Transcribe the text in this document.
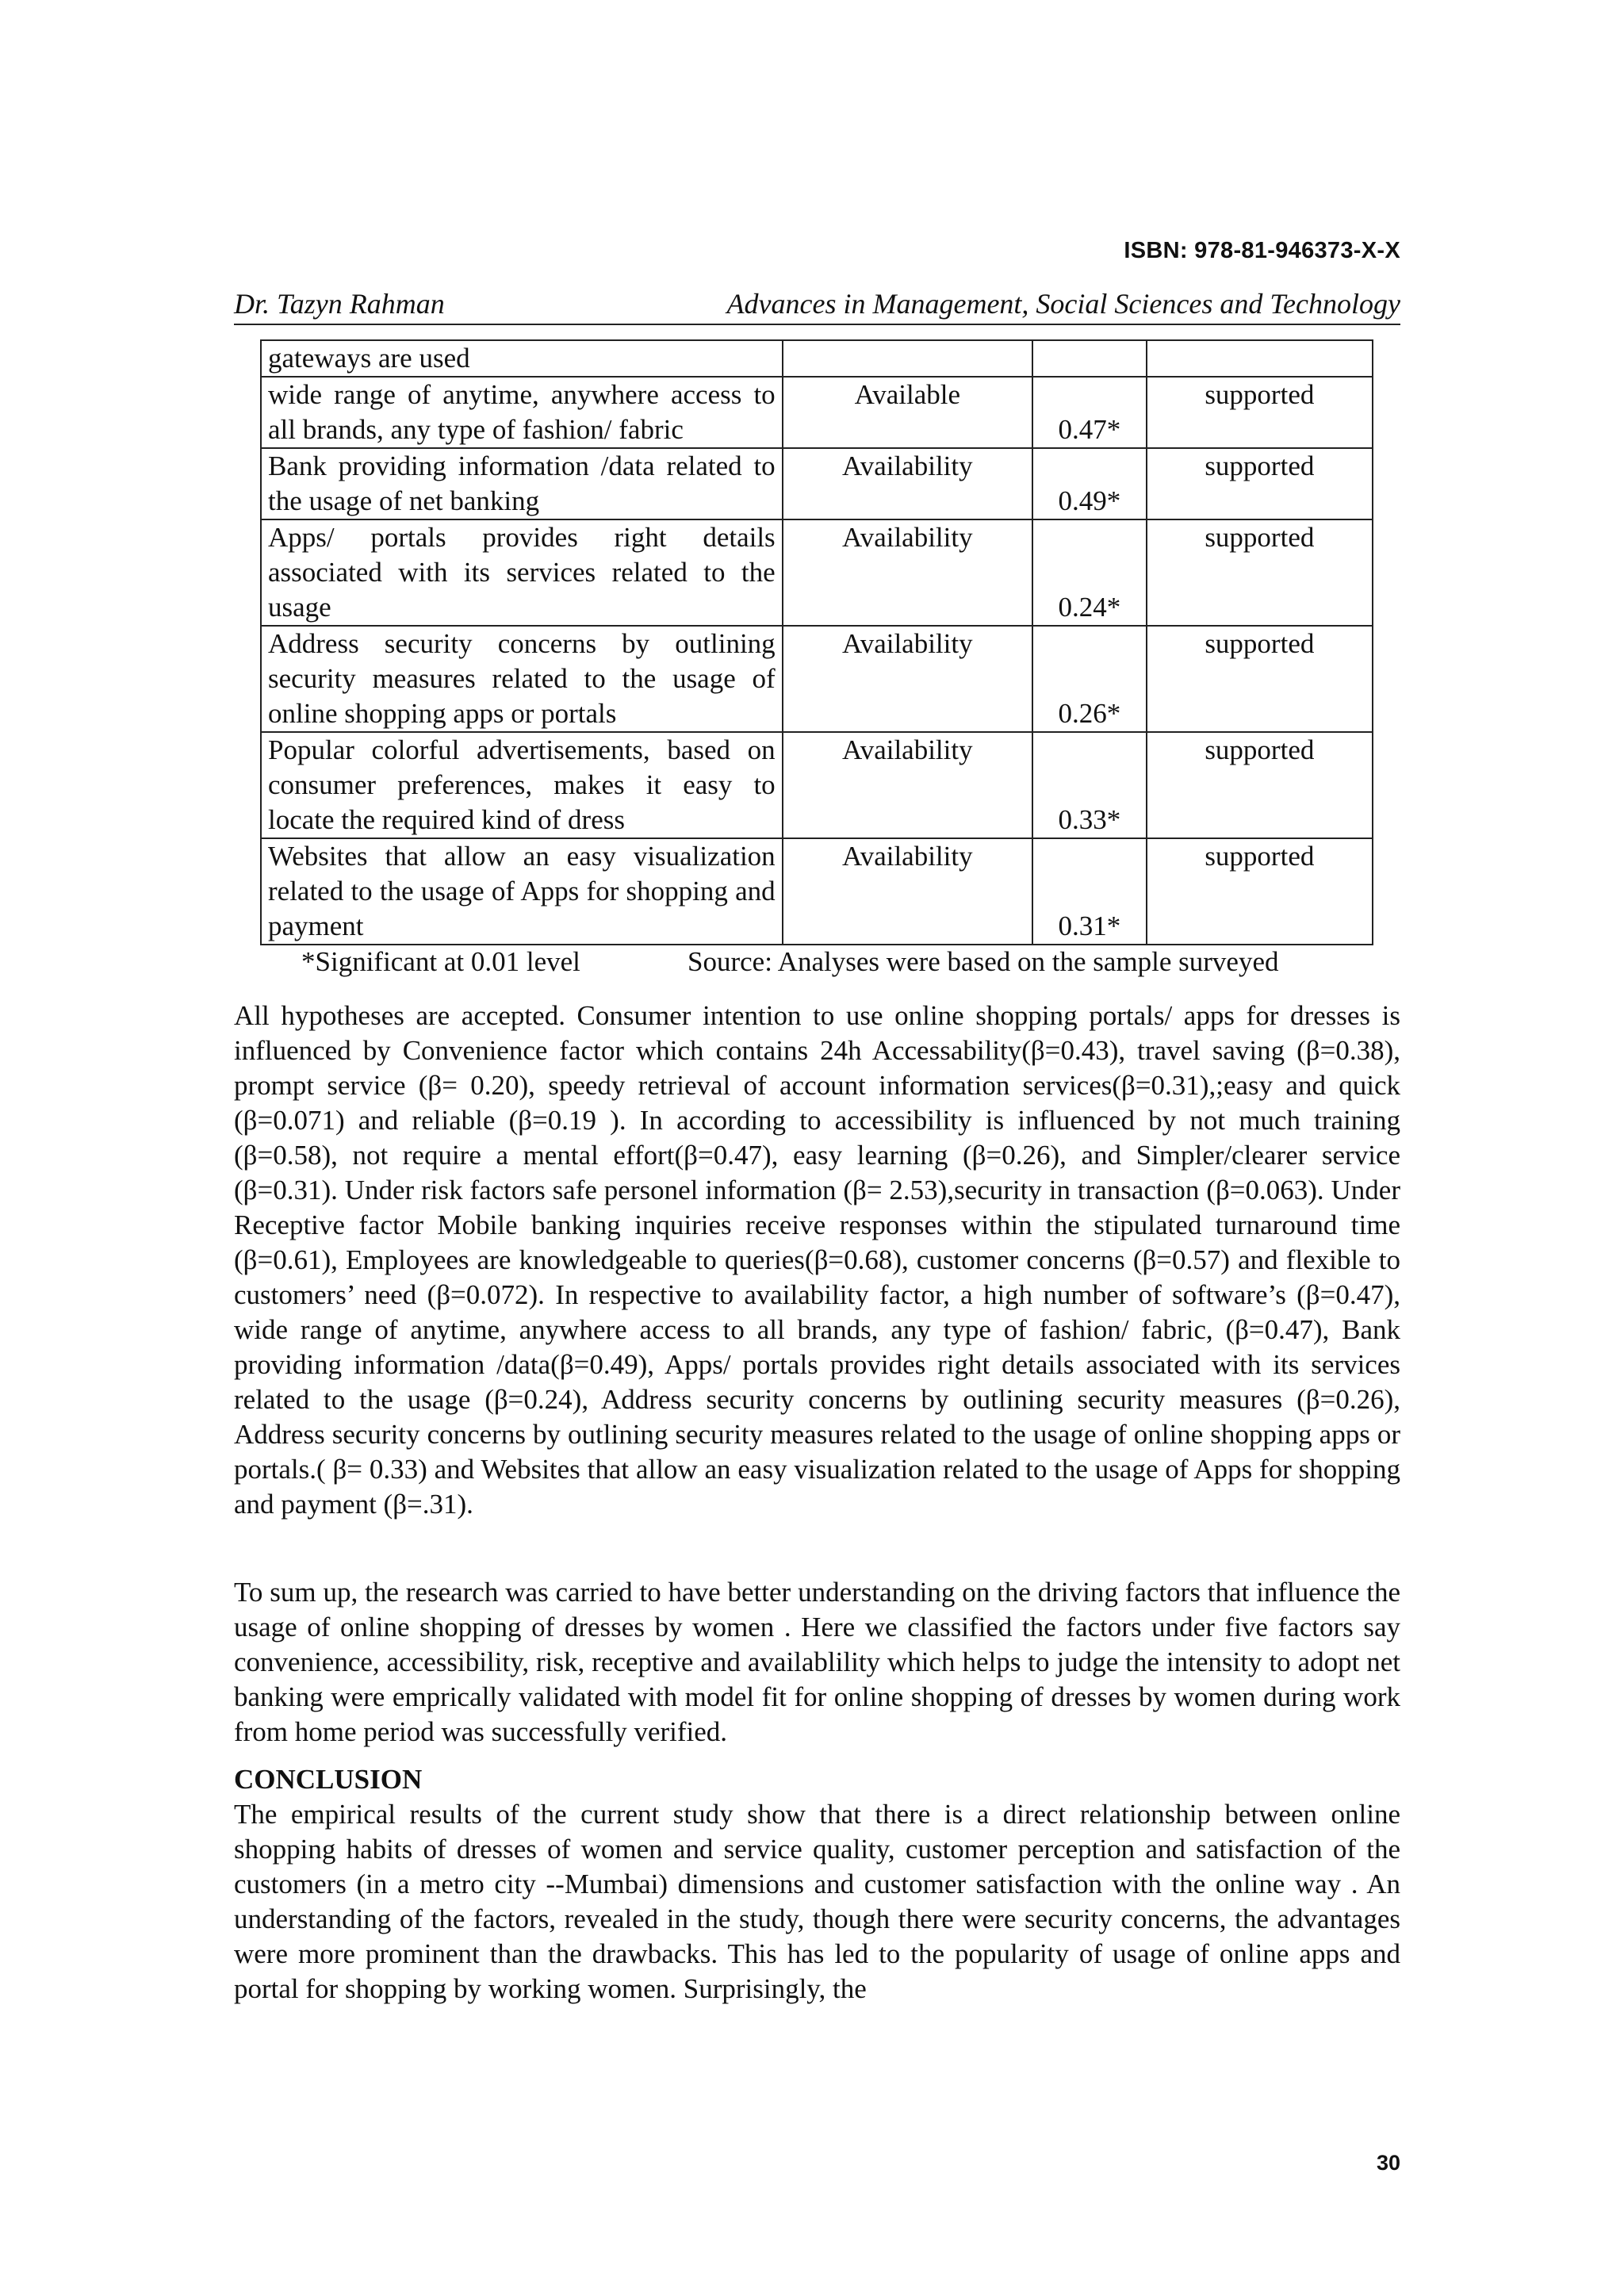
ISBN: 978-81-946373-X-X
Dr. Tazyn Rahman	Advances in Management, Social Sciences and Technology
gateways are used			
wide range of anytime, anywhere access to all brands, any type of fashion/ fabric	Available	0.47*	supported
Bank providing information /data related to the usage of net banking	Availability	0.49*	supported
Apps/ portals provides right details associated with its services related to the usage	Availability	0.24*	supported
Address security concerns by outlining security measures related to the usage of online shopping apps or portals	Availability	0.26*	supported
Popular colorful advertisements, based on consumer preferences, makes it easy to locate the required kind of dress	Availability	0.33*	supported
Websites that allow an easy visualization related to the usage of Apps for shopping and payment	Availability	0.31*	supported
*Significant at 0.01 level	Source: Analyses were based on the sample surveyed

All hypotheses are accepted. Consumer intention to use online shopping portals/ apps for dresses is influenced by Convenience factor which contains 24h Accessability(β=0.43), travel saving (β=0.38), prompt service (β= 0.20), speedy retrieval of account information services(β=0.31),;easy and quick (β=0.071) and reliable (β=0.19 ). In according to accessibility is influenced by not much training (β=0.58), not require a mental effort(β=0.47), easy learning (β=0.26), and Simpler/clearer service (β=0.31). Under risk factors safe personel information (β= 2.53),security in transaction (β=0.063). Under Receptive factor Mobile banking inquiries receive responses within the stipulated turnaround time (β=0.61), Employees are knowledgeable to queries(β=0.68), customer concerns (β=0.57) and flexible to customers’ need (β=0.072). In respective to availability factor, a high number of software’s (β=0.47), wide range of anytime, anywhere access to all brands, any type of fashion/ fabric, (β=0.47), Bank providing information /data(β=0.49), Apps/ portals provides right details associated with its services related to the usage (β=0.24), Address security concerns by outlining security measures (β=0.26), Address security concerns by outlining security measures related to the usage of online shopping apps or portals.( β= 0.33) and Websites that allow an easy visualization related to the usage of Apps for shopping and payment (β=.31).

To sum up, the research was carried to have better understanding on the driving factors that influence the usage of online shopping of dresses by women . Here we classified the factors under five factors say convenience, accessibility, risk, receptive and availablility which helps to judge the intensity to adopt net banking were emprically validated with model fit for online shopping of dresses by women during work from home period was successfully verified.

CONCLUSION

The empirical results of the current study show that there is a direct relationship between online shopping habits of dresses of women and service quality, customer perception and satisfaction of the customers (in a metro city --Mumbai) dimensions and customer satisfaction with the online way . An understanding of the factors, revealed in the study, though there were security concerns, the advantages were more prominent than the drawbacks. This has led to the popularity of usage of online apps and portal for shopping by working women. Surprisingly, the

30
